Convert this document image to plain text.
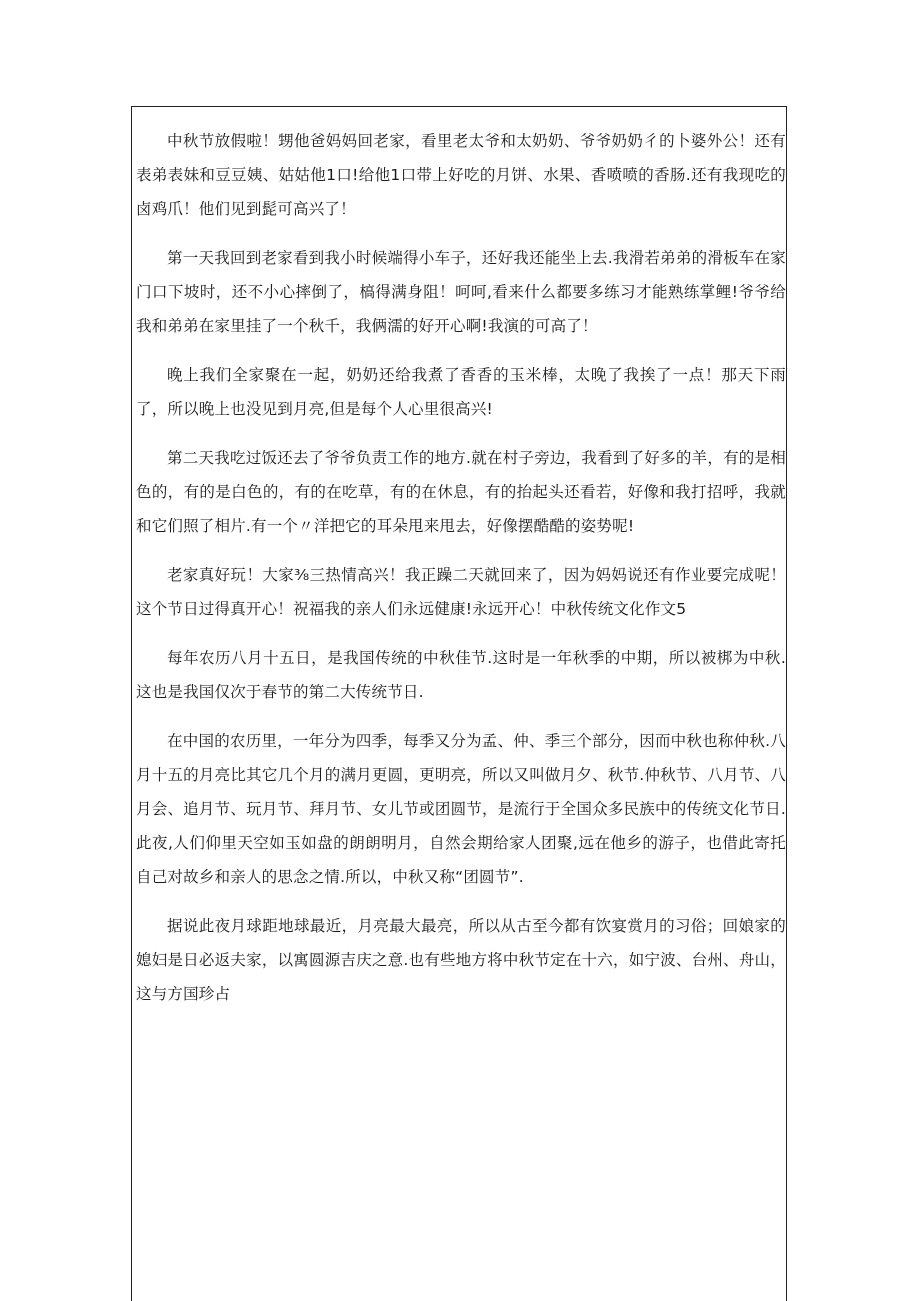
中秋节放假啦！甥他爸妈妈回老家，看里老太爷和太奶奶、爷爷奶奶彳的卜婆外公！还有表弟表妹和豆豆姨、姑姑他1口!给他1口带上好吃的月饼、水果、香喷喷的香肠.还有我现吃的卤鸡爪！他们见到髭可高兴了！

第一天我回到老家看到我小时候端得小车子，还好我还能坐上去.我滑若弟弟的滑板车在家门口下坡时，还不小心摔倒了，槁得满身阻！呵呵,看来什么都要多练习才能熟练掌鲤!爷爷给我和弟弟在家里挂了一个秋千，我俩濡的好开心啊!我演的可高了！

晚上我们全家聚在一起，奶奶还给我煮了香香的玉米棒，太晚了我挨了一点！那天下雨了，所以晚上也没见到月亮,但是每个人心里很高兴!

第二天我吃过饭还去了爷爷负责工作的地方.就在村子旁边，我看到了好多的羊，有的是相色的，有的是白色的，有的在吃草，有的在休息，有的抬起头还看若，好像和我打招呼，我就和它们照了相片.有一个〃洋把它的耳朵甩来甩去，好像摆酷酷的姿势呢!

老家真好玩！大家⅜三热情高兴！我正躁二天就回来了，因为妈妈说还有作业要完成呢！这个节日过得真开心！祝福我的亲人们永远健康!永远开心！中秋传统文化作文5

每年农历八月十五日，是我国传统的中秋佳节.这时是一年秋季的中期，所以被梆为中秋.这也是我国仅次于春节的第二大传统节日.

在中国的农历里，一年分为四季，每季又分为孟、仲、季三个部分，因而中秋也称仲秋.八月十五的月亮比其它几个月的满月更圆，更明亮，所以又叫做月夕、秋节.仲秋节、八月节、八月会、追月节、玩月节、拜月节、女儿节或团圆节，是流行于全国众多民族中的传统文化节日.此夜,人们仰里天空如玉如盘的朗朗明月，自然会期给家人团聚,远在他乡的游子，也借此寄托自己对故乡和亲人的思念之情.所以，中秋又称“团圆节”.

据说此夜月球距地球最近，月亮最大最亮，所以从古至今都有饮宴赏月的习俗；回娘家的媳妇是日必返夫家，以寓圆源吉庆之意.也有些地方将中秋节定在十六，如宁波、台州、舟山，这与方国珍占
